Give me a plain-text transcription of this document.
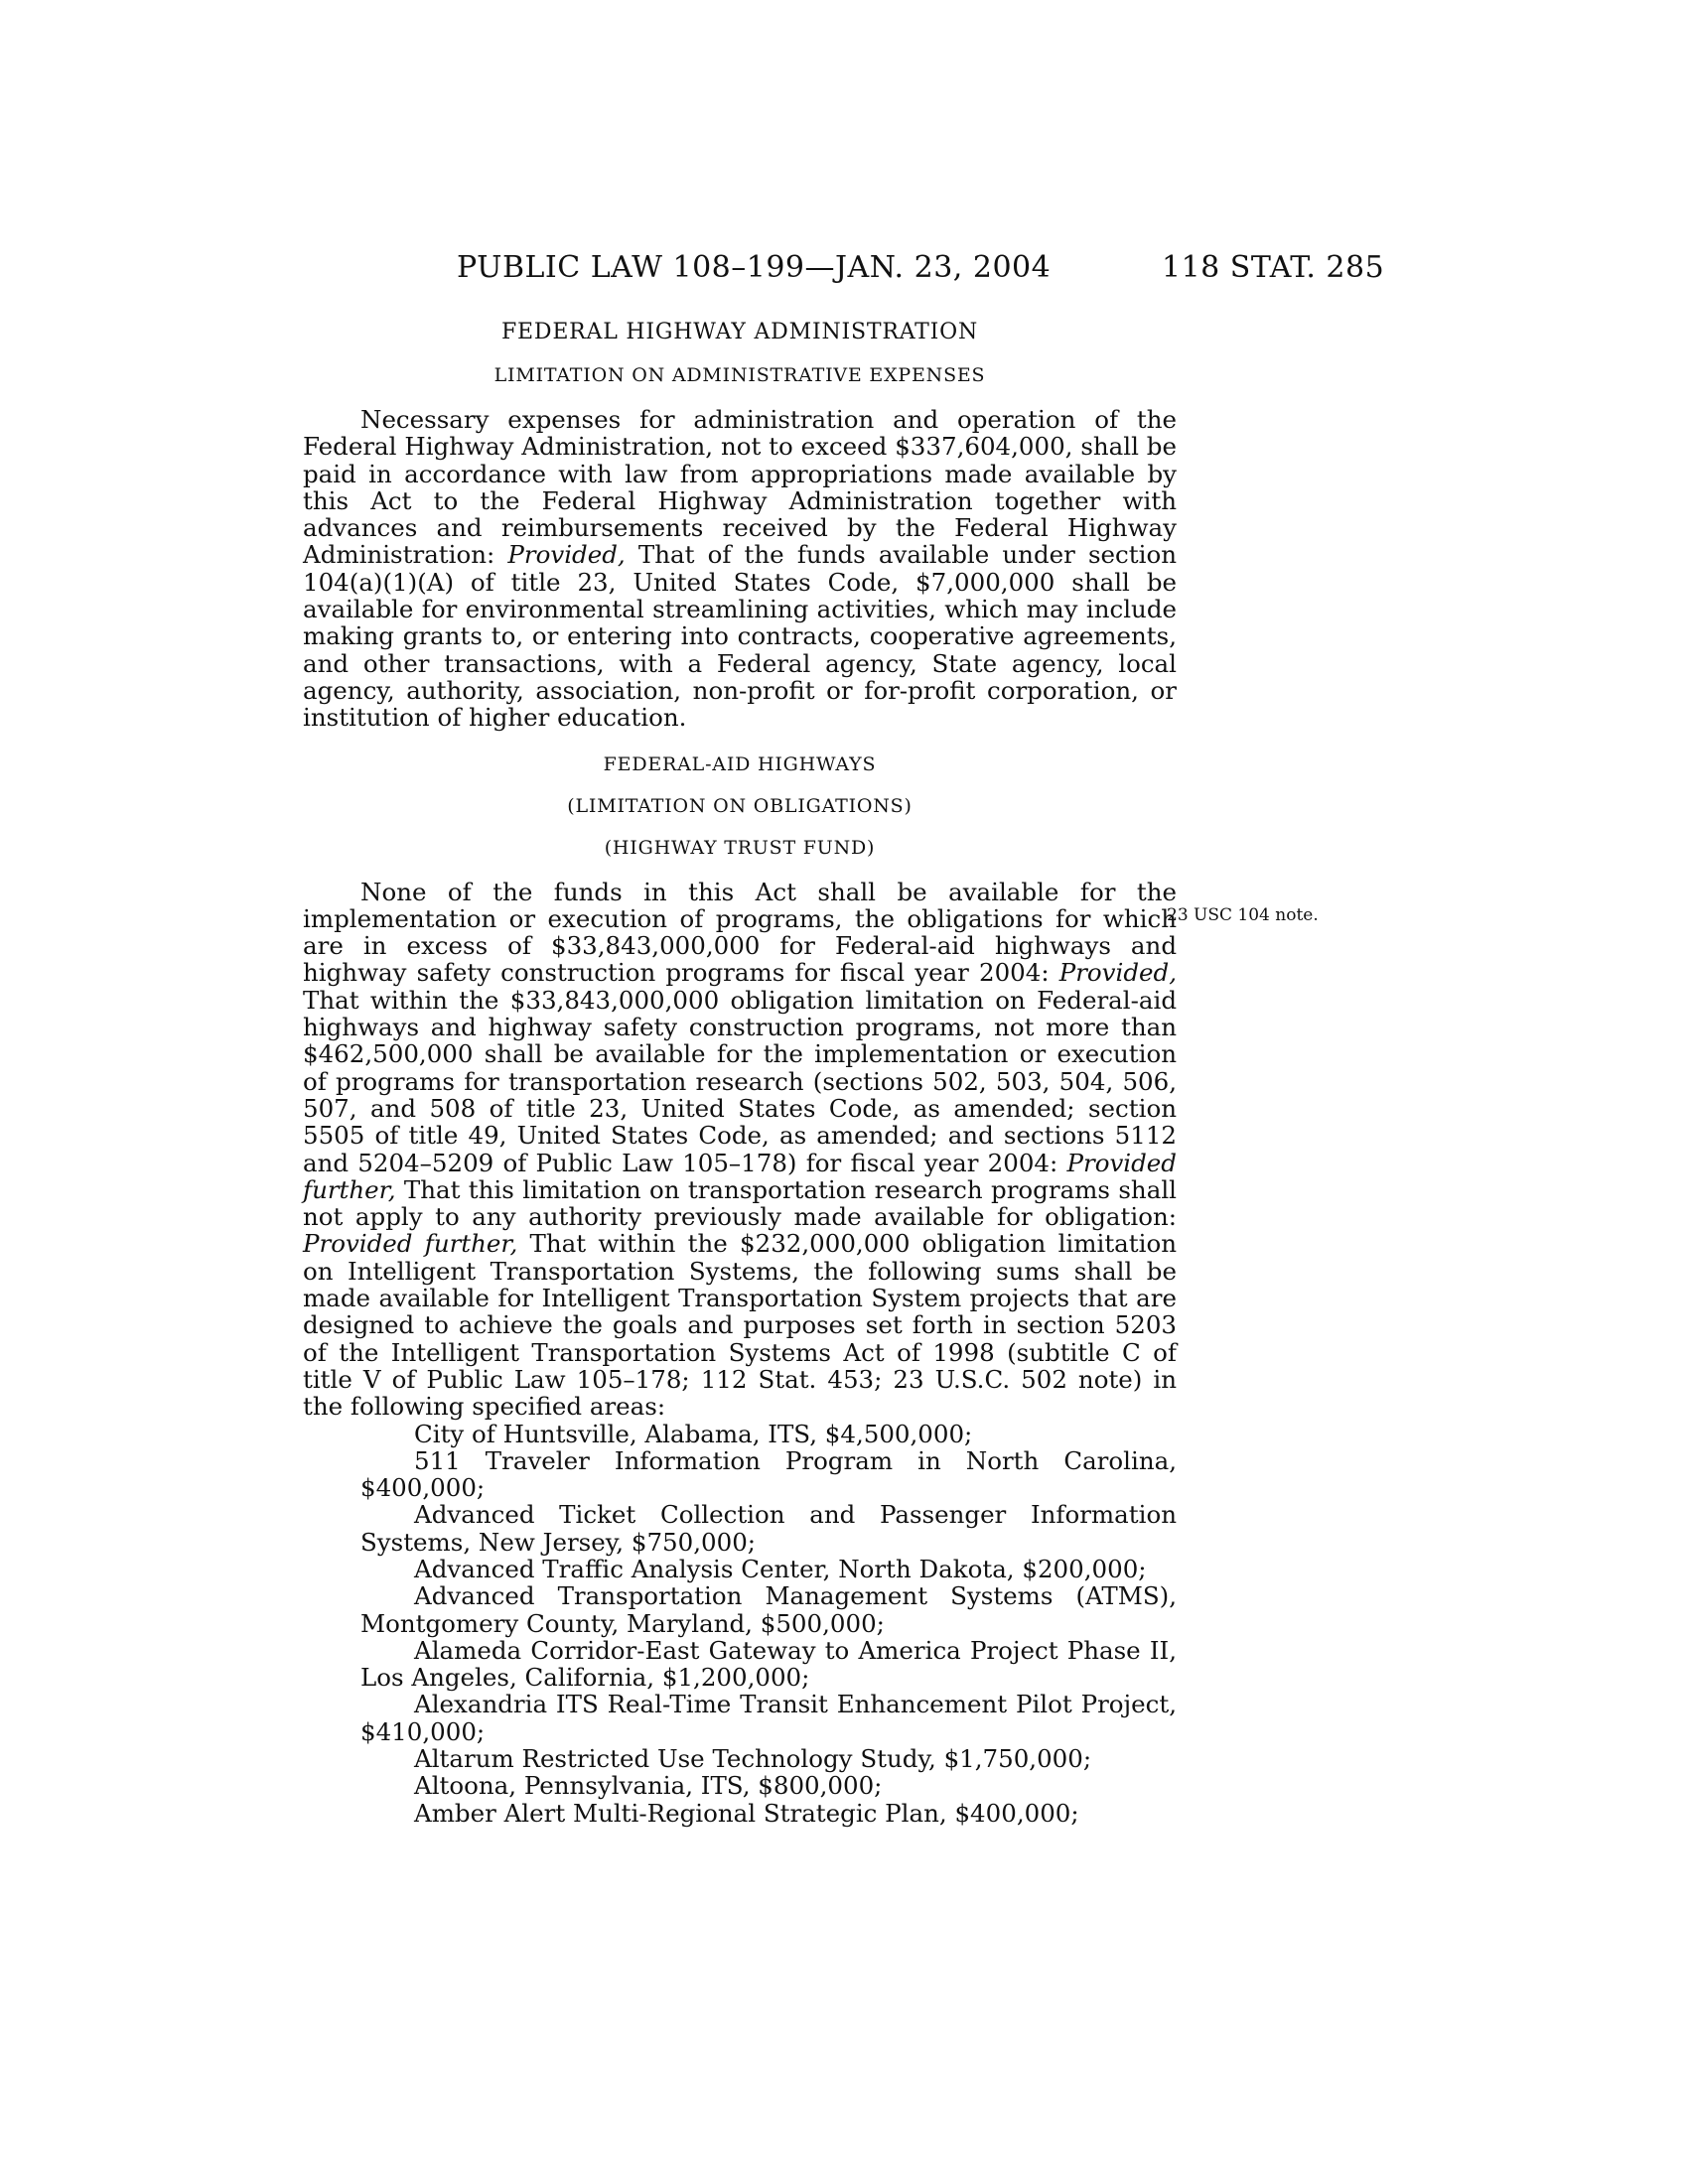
PUBLIC LAW 108–199—JAN. 23, 2004	118 STAT. 285
23 USC 104 note.

FEDERAL HIGHWAY ADMINISTRATION

LIMITATION ON ADMINISTRATIVE EXPENSES

Necessary expenses for administration and operation of the Federal Highway Administration, not to exceed $337,604,000, shall be paid in accordance with law from appropriations made available by this Act to the Federal Highway Administration together with advances and reimbursements received by the Federal Highway Administration: Provided, That of the funds available under section 104(a)(1)(A) of title 23, United States Code, $7,000,000 shall be available for environmental streamlining activities, which may include making grants to, or entering into contracts, cooperative agreements, and other transactions, with a Federal agency, State agency, local agency, authority, association, non-profit or for-profit corporation, or institution of higher education.

FEDERAL-AID HIGHWAYS

(LIMITATION ON OBLIGATIONS)

(HIGHWAY TRUST FUND)

None of the funds in this Act shall be available for the implementation or execution of programs, the obligations for which are in excess of $33,843,000,000 for Federal-aid highways and highway safety construction programs for fiscal year 2004: Provided, That within the $33,843,000,000 obligation limitation on Federal-aid highways and highway safety construction programs, not more than $462,500,000 shall be available for the implementation or execution of programs for transportation research (sections 502, 503, 504, 506, 507, and 508 of title 23, United States Code, as amended; section 5505 of title 49, United States Code, as amended; and sections 5112 and 5204–5209 of Public Law 105–178) for fiscal year 2004: Provided further, That this limitation on transportation research programs shall not apply to any authority previously made available for obligation: Provided further, That within the $232,000,000 obligation limitation on Intelligent Transportation Systems, the following sums shall be made available for Intelligent Transportation System projects that are designed to achieve the goals and purposes set forth in section 5203 of the Intelligent Transportation Systems Act of 1998 (subtitle C of title V of Public Law 105–178; 112 Stat. 453; 23 U.S.C. 502 note) in the following specified areas:

City of Huntsville, Alabama, ITS, $4,500,000;

511 Traveler Information Program in North Carolina, $400,000;

Advanced Ticket Collection and Passenger Information Systems, New Jersey, $750,000;

Advanced Traffic Analysis Center, North Dakota, $200,000;

Advanced Transportation Management Systems (ATMS), Montgomery County, Maryland, $500,000;

Alameda Corridor-East Gateway to America Project Phase II, Los Angeles, California, $1,200,000;

Alexandria ITS Real-Time Transit Enhancement Pilot Project, $410,000;

Altarum Restricted Use Technology Study, $1,750,000;

Altoona, Pennsylvania, ITS, $800,000;

Amber Alert Multi-Regional Strategic Plan, $400,000;
